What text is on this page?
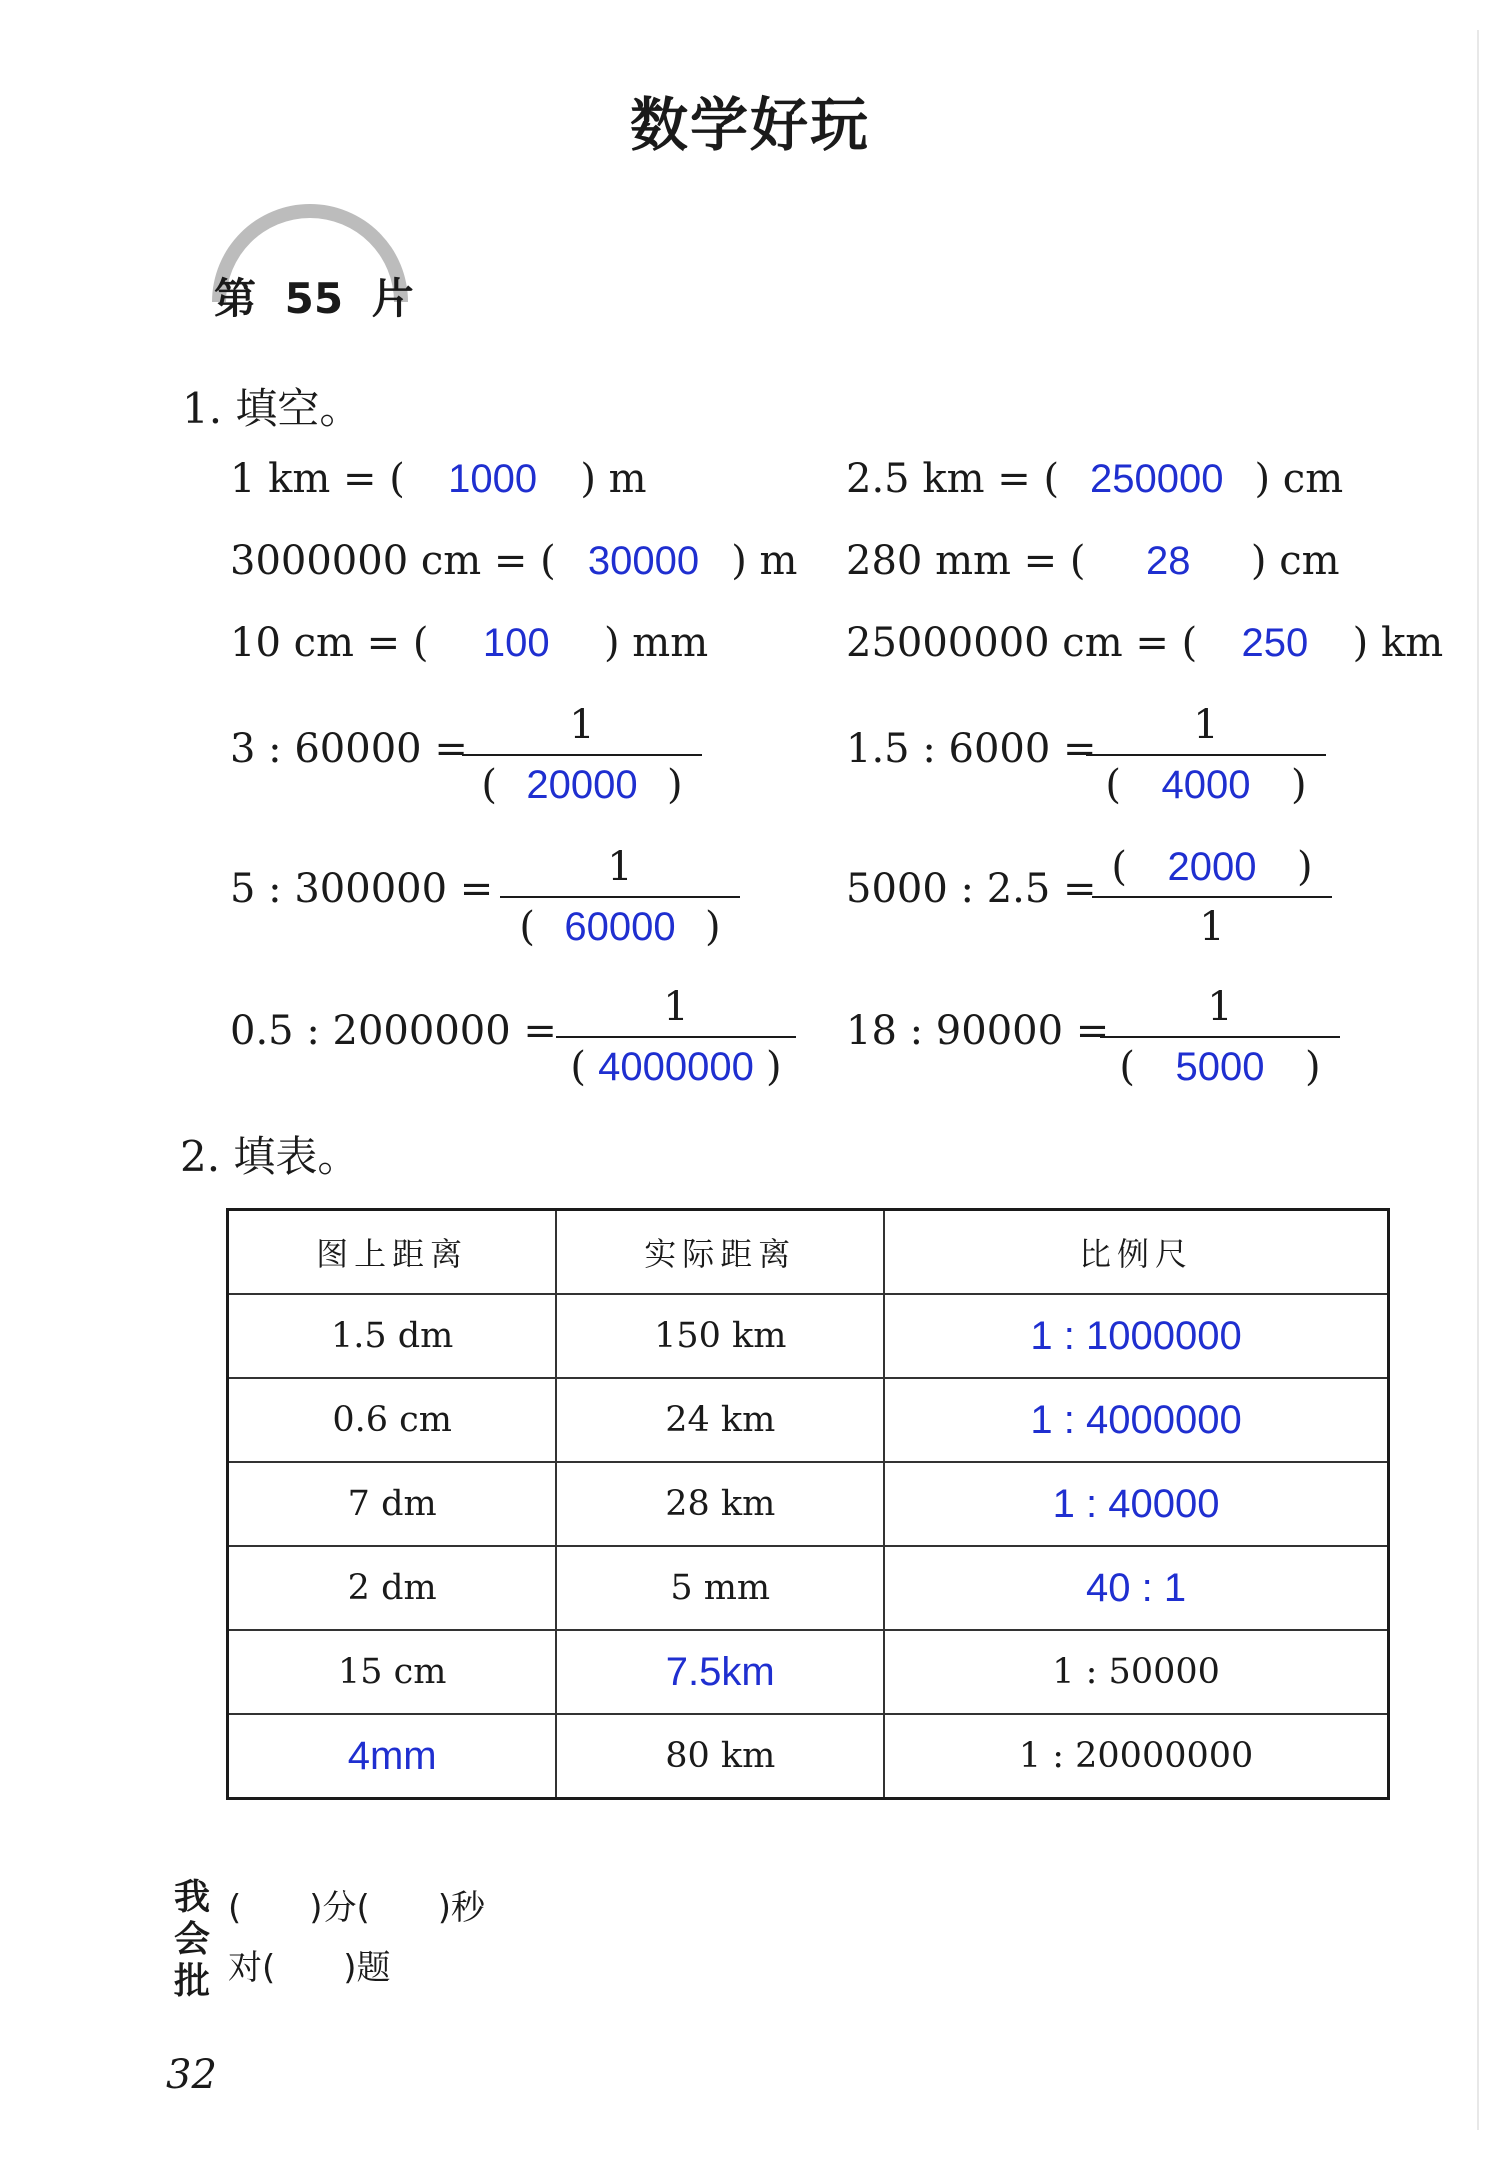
数学好玩
第 55 片
1. 填空。
1 km = ( 1000 ) m	2.5 km = ( 250000 ) cm
3000000 cm = ( 30000 ) m 280 mm = ( 28 ) cm
10 cm = ( 100 ) mm	25000000 cm = ( 250 ) km
3 : 60000 =
1
( 20000 )
1.5 : 6000 =
1
( 4000 )
5 : 300000 =	1
( 60000 )
5000 : 2.5 = ( 2000 )
1
0.5 : 2000000 =
1
( 4000000 )
18 : 90000 =
1
( 5000 )
2. 填表。
图上距离	实际距离	比例尺
1.5 dm	150 km	1 : 1000000
0.6 cm	24 km	1 : 4000000
7 dm	28 km	1 : 40000
2 dm	5 mm	40 : 1
15 cm	7.5km	1 : 50000
4mm	80 km	1 : 20000000
我
会
批
(　　)分(　　)秒
对(　　)题
32
